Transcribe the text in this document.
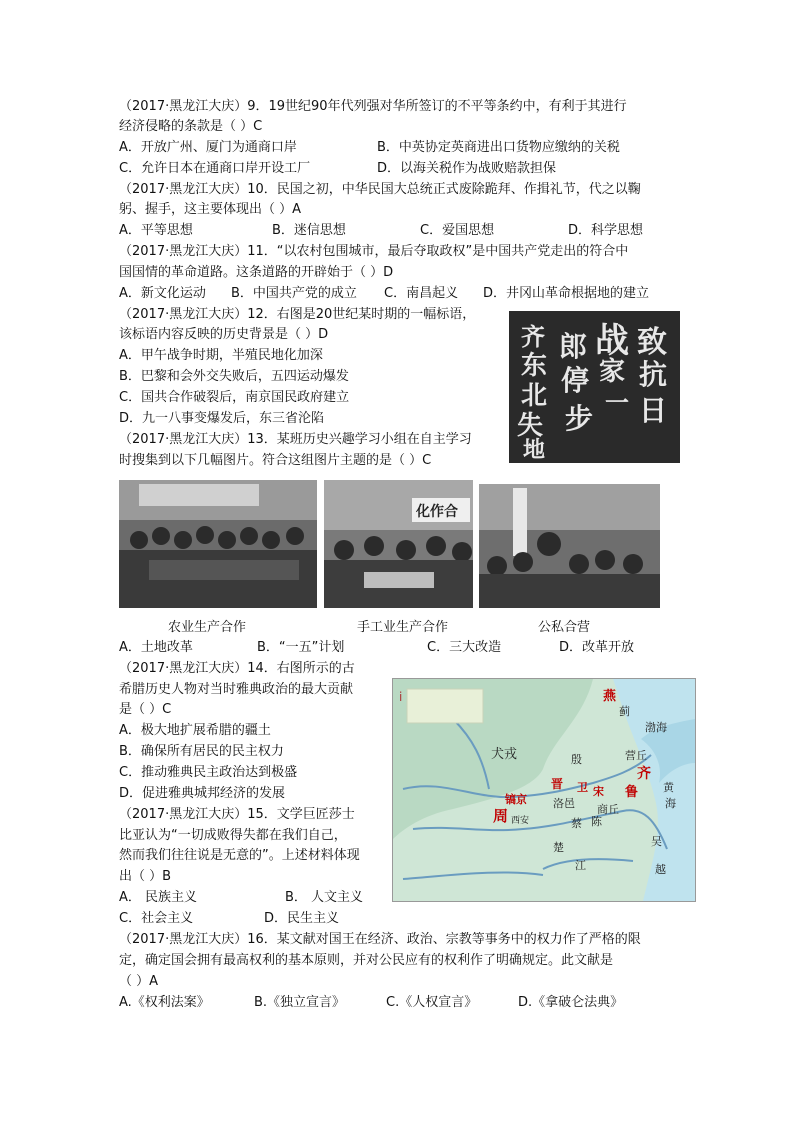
（2017·黑龙江大庆）9．19世纪90年代列强对华所签订的不平等条约中，有利于其进行
经济侵略的条款是（ ）C
A．开放广州、厦门为通商口岸	B．中英协定英商进出口货物应缴纳的关税
C．允许日本在通商口岸开设工厂	D．以海关税作为战败赔款担保
（2017·黑龙江大庆）10．民国之初，中华民国大总统正式废除跪拜、作揖礼节，代之以鞠
躬、握手，这主要体现出（ ）A
A．平等思想	B．迷信思想	C．爱国思想	D．科学思想
（2017·黑龙江大庆）11．“以农村包围城市，最后夺取政权”是中国共产党走出的符合中
国国情的革命道路。这条道路的开辟始于（ ）D
A．新文化运动 B．中国共产党的成立 C．南昌起义 D．井冈山革命根据地的建立
（2017·黑龙江大庆）12．右图是20世纪某时期的一幅标语，
该标语内容反映的历史背景是（ ）D
A．甲午战争时期，半殖民地化加深
B．巴黎和会外交失败后，五四运动爆发
C．国共合作破裂后，南京国民政府建立
D．九一八事变爆发后，东三省沦陷
致
抗
日
战
家
一
郎
停
步
东
北
失
地
齐
（2017·黑龙江大庆）13．某班历史兴趣学习小组在自主学习
时搜集到以下几幅图片。符合这组图片主题的是（ ）C
化作合
农业生产合作	手工业生产合作	公私合营
A．土地改革	B．“一五”计划	C．三大改造	D．改革开放
（2017·黑龙江大庆）14．右图所示的古
希腊历史人物对当时雅典政治的最大贡献
是（ ）C
A．极大地扩展希腊的疆土
B．确保所有居民的民主权力
C．推动雅典民主政治达到极盛
D．促进雅典城邦经济的发展
（2017·黑龙江大庆）15．文学巨匠莎士
比亚认为“一切成败得失都在我们自己，
然而我们往往说是无意的”。上述材料体现
出（ ）B
A． 民族主义	B． 人文主义
C．社会主义	D．民生主义
i	燕
蓟
渤海
犬戎
晋
殷
卫 宋
齐
鲁
营丘
镐京
周 西安
洛邑 商丘
蔡 陈
楚
江
黄
海
吴
越
（2017·黑龙江大庆）16．某文献对国王在经济、政治、宗教等事务中的权力作了严格的限
定，确定国会拥有最高权利的基本原则，并对公民应有的权利作了明确规定。此文献是
（ ）A
A.《权利法案》	B.《独立宣言》	C.《人权宣言》	D.《拿破仑法典》
